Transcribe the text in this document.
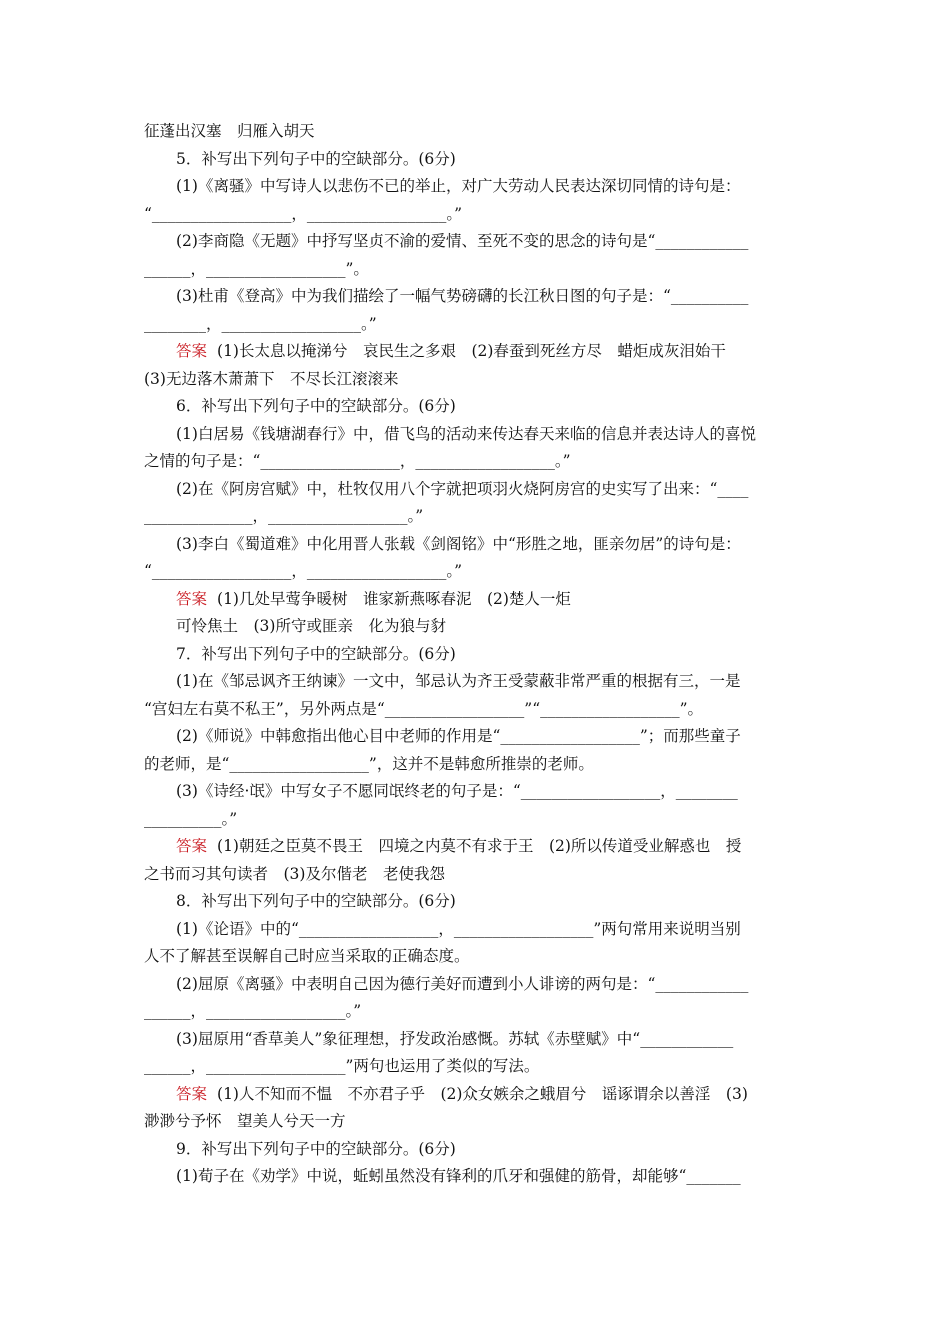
征蓬出汉塞　归雁入胡天
5．补写出下列句子中的空缺部分。(6分)
(1)《离骚》中写诗人以悲伤不已的举止，对广大劳动人民表达深切同情的诗句是：
“__________________，__________________。”
(2)李商隐《无题》中抒写坚贞不渝的爱情、至死不变的思念的诗句是“____________
______，__________________”。
(3)杜甫《登高》中为我们描绘了一幅气势磅礴的长江秋日图的句子是：“__________
________，__________________。”
答案 (1)长太息以掩涕兮　哀民生之多艰　(2)春蚕到死丝方尽　蜡炬成灰泪始干
(3)无边落木萧萧下　不尽长江滚滚来
6．补写出下列句子中的空缺部分。(6分)
(1)白居易《钱塘湖春行》中，借飞鸟的活动来传达春天来临的信息并表达诗人的喜悦
之情的句子是：“__________________，__________________。”
(2)在《阿房宫赋》中，杜牧仅用八个字就把项羽火烧阿房宫的史实写了出来：“____
______________，__________________。”
(3)李白《蜀道难》中化用晋人张载《剑阁铭》中“形胜之地，匪亲勿居”的诗句是：
“__________________，__________________。”
答案 (1)几处早莺争暖树　谁家新燕啄春泥　(2)楚人一炬
可怜焦土　(3)所守或匪亲　化为狼与豺
7．补写出下列句子中的空缺部分。(6分)
(1)在《邹忌讽齐王纳谏》一文中，邹忌认为齐王受蒙蔽非常严重的根据有三，一是
“宫妇左右莫不私王”，另外两点是“__________________”“__________________”。
(2)《师说》中韩愈指出他心目中老师的作用是“__________________”；而那些童子
的老师，是“__________________”，这并不是韩愈所推崇的老师。
(3)《诗经·氓》中写女子不愿同氓终老的句子是：“__________________，________
__________。”
答案 (1)朝廷之臣莫不畏王　四境之内莫不有求于王　(2)所以传道受业解惑也　授
之书而习其句读者　(3)及尔偕老　老使我怨
8．补写出下列句子中的空缺部分。(6分)
(1)《论语》中的“__________________，__________________”两句常用来说明当别
人不了解甚至误解自己时应当采取的正确态度。
(2)屈原《离骚》中表明自己因为德行美好而遭到小人诽谤的两句是：“____________
______，__________________。”
(3)屈原用“香草美人”象征理想，抒发政治感慨。苏轼《赤壁赋》中“____________
______，__________________”两句也运用了类似的写法。
答案 (1)人不知而不愠　不亦君子乎　(2)众女嫉余之蛾眉兮　谣诼谓余以善淫　(3)
渺渺兮予怀　望美人兮天一方
9．补写出下列句子中的空缺部分。(6分)
(1)荀子在《劝学》中说，蚯蚓虽然没有锋利的爪牙和强健的筋骨，却能够“_______
